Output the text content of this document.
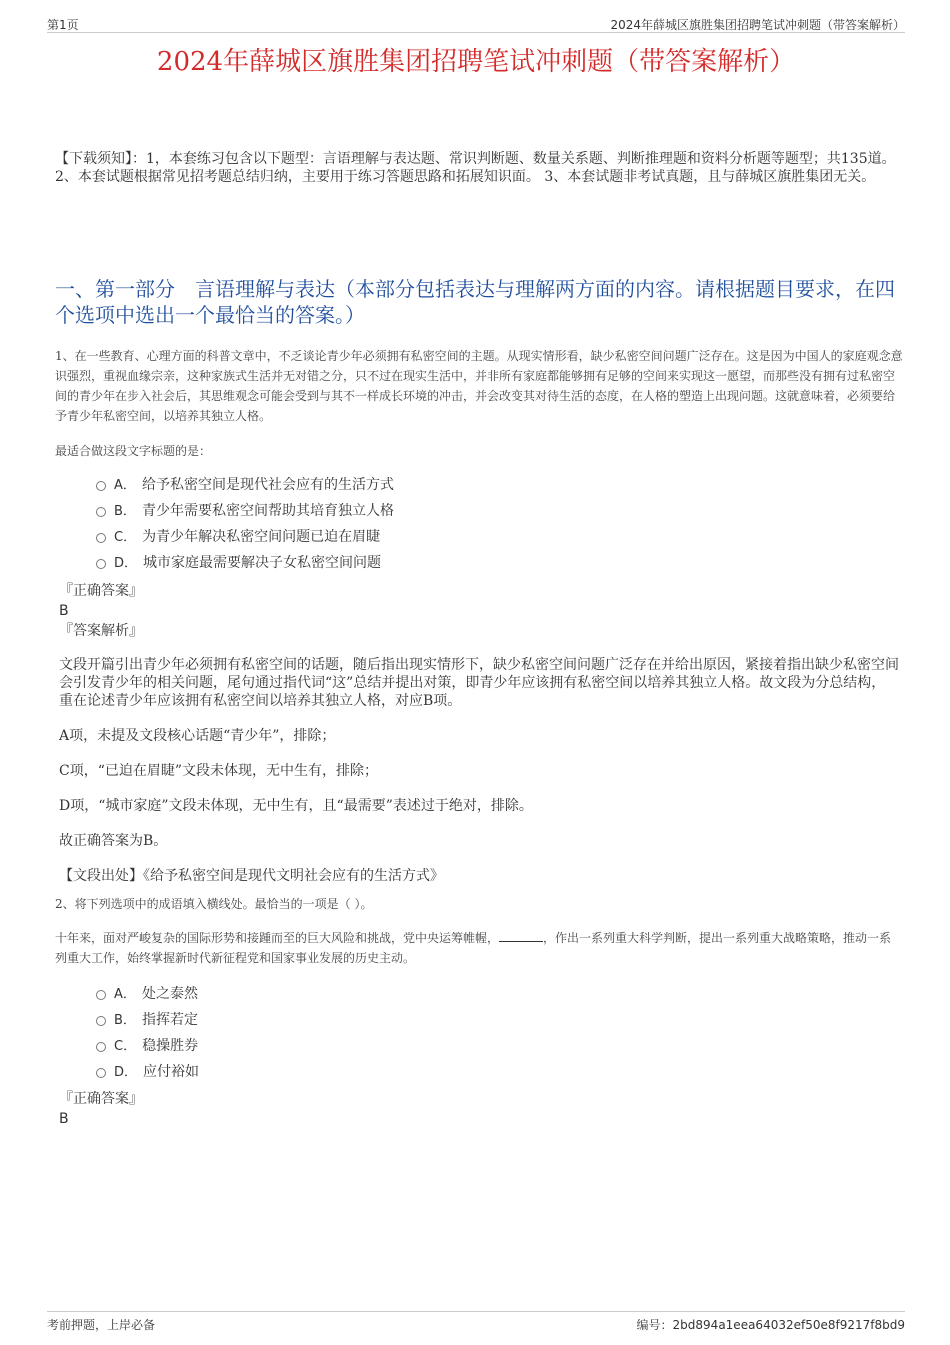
第1页	2024年薛城区旗胜集团招聘笔试冲刺题（带答案解析）
2024年薛城区旗胜集团招聘笔试冲刺题（带答案解析）

【下载须知】：1，本套练习包含以下题型：言语理解与表达题、常识判断题、数量关系题、判断推理题和资料分析题等题型；共135道。 2、本套试题根据常见招考题总结归纳，主要用于练习答题思路和拓展知识面。 3、本套试题非考试真题，且与薛城区旗胜集团无关。

一、第一部分　言语理解与表达（本部分包括表达与理解两方面的内容。请根据题目要求，在四个选项中选出一个最恰当的答案。）

1、在一些教育、心理方面的科普文章中，不乏谈论青少年必须拥有私密空间的主题。从现实情形看，缺少私密空间问题广泛存在。这是因为中国人的家庭观念意识强烈，重视血缘宗亲，这种家族式生活并无对错之分，只不过在现实生活中，并非所有家庭都能够拥有足够的空间来实现这一愿望，而那些没有拥有过私密空间的青少年在步入社会后，其思维观念可能会受到与其不一样成长环境的冲击，并会改变其对待生活的态度，在人格的塑造上出现问题。这就意味着，必须要给予青少年私密空间，以培养其独立人格。

最适合做这段文字标题的是：

A． 给予私密空间是现代社会应有的生活方式
B． 青少年需要私密空间帮助其培育独立人格
C． 为青少年解决私密空间问题已迫在眉睫
D． 城市家庭最需要解决子女私密空间问题
『正确答案』
B
『答案解析』

文段开篇引出青少年必须拥有私密空间的话题，随后指出现实情形下，缺少私密空间问题广泛存在并给出原因，紧接着指出缺少私密空间会引发青少年的相关问题，尾句通过指代词“这”总结并提出对策，即青少年应该拥有私密空间以培养其独立人格。故文段为分总结构，重在论述青少年应该拥有私密空间以培养其独立人格，对应B项。

A项，未提及文段核心话题“青少年”，排除；

C项，“已迫在眉睫”文段未体现，无中生有，排除；

D项，“城市家庭”文段未体现，无中生有，且“最需要”表述过于绝对，排除。

故正确答案为B。

【文段出处】《给予私密空间是现代文明社会应有的生活方式》

2、将下列选项中的成语填入横线处。最恰当的一项是（ ）。

十年来，面对严峻复杂的国际形势和接踵而至的巨大风险和挑战，党中央运筹帷幄，	，作出一系列重大科学判断，提出一系列重大战略策略，推动一系列重大工作，始终掌握新时代新征程党和国家事业发展的历史主动。

A． 处之泰然
B． 指挥若定
C． 稳操胜券
D． 应付裕如
『正确答案』
B
考前押题，上岸必备	编号：2bd894a1eea64032ef50e8f9217f8bd9
